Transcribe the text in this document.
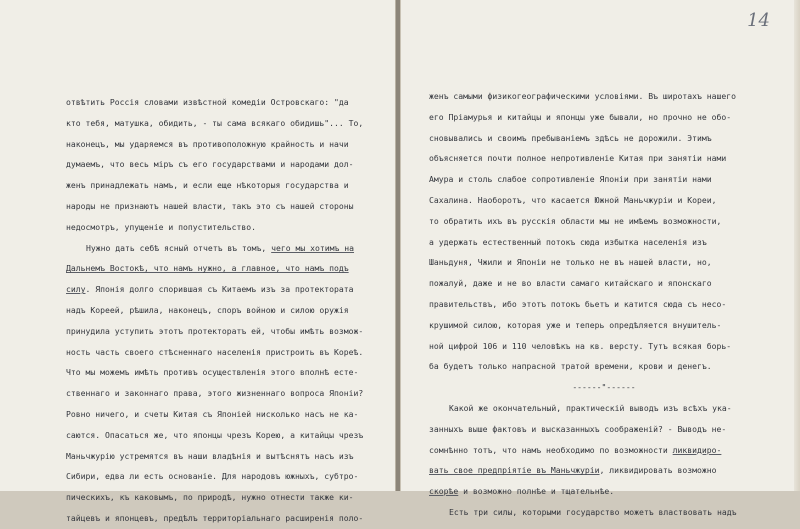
отвѣтить Россія словами извѣстной комедіи Островскаго: "да
кто тебя, матушка, обидить, - ты сама всякаго обидишь"... То,
наконецъ, мы ударяемся въ противоположную крайность и начи
думаемъ, что весь міръ съ его государствами и народами дол-
женъ принадлежать намъ, и если еще нѣкоторыя государства и
народы не признаютъ нашей власти, такъ это съ нашей стороны
недосмотръ, упущеніе и попустительство.
Нужно дать себѣ ясный отчетъ въ томъ, чего мы хотимъ на
Дальнемъ Востокѣ, что намъ нужно, а главное, что намъ подъ
силу. Японія долго спорившая съ Китаемъ изъ за протектората
надъ Кореей, рѣшила, наконецъ, споръ войною и силою оружія
принудила уступить этотъ протекторатъ ей, чтобы имѣть возмож-
ность часть своего стѣсненнаго населенія пристроить въ Кореѣ.
Что мы можемъ имѣть противъ осуществленія этого вполнѣ есте-
ственнаго и законнаго права, этого жизненнаго вопроса Японіи?
Ровно ничего, и счеты Китая съ Японіей нисколько насъ не ка-
саются. Опасаться же, что японцы чрезъ Корею, а китайцы чрезъ
Маньчжурію устремятся въ наши владѣнія и вытѣснятъ насъ изъ
Сибири, едва ли есть основаніе. Для народовъ южныхъ, субтро-
пическихъ, къ каковымъ, по природѣ, нужно отнести также ки-
тайцевъ и японцевъ, предѣлъ территоріальнаго расширенія поло-
14
женъ самыми физикогеографическими условіями. Въ широтахъ нашего
его Пріамурья и китайцы и японцы уже бывали, но прочно не обо-
сновывались и своимъ пребываніемъ здѣсь не дорожили. Этимъ
объясняется почти полное непротивленіе Китая при занятіи нами
Амура и столь слабое сопротивленіе Японіи при занятіи нами
Сахалина. Наоборотъ, что касается Южной Маньчжуріи и Кореи,
то обратить ихъ въ русскія области мы не имѣемъ возможности,
а удержать естественный потокъ сюда избытка населенія изъ
Шаньдуня, Чжили и Японіи не только не въ нашей власти, но,
пожалуй, даже и не во власти самаго китайскаго и японскаго
правительствъ, ибо этотъ потокъ бьетъ и катится сюда съ несо-
крушимой силою, которая уже и теперь опредѣляется внушитель-
ной цифрой 106 и 110 человѣкъ на кв. версту. Тутъ всякая борь-
ба будетъ только напрасной тратой времени, крови и денегъ.
------"------
Какой же окончательный, практическій выводъ изъ всѣхъ ука-
занныхъ выше фактовъ и высказанныхъ соображеній? - Выводъ не-
сомнѣнно тотъ, что намъ необходимо по возможности ликвидиро-
вать свое предпріятіе въ Маньчжуріи, ликвидировать возможно
скорѣе и возможно полнѣе и тщательнѣе.
Есть три силы, которыми государство можетъ властвовать надъ
